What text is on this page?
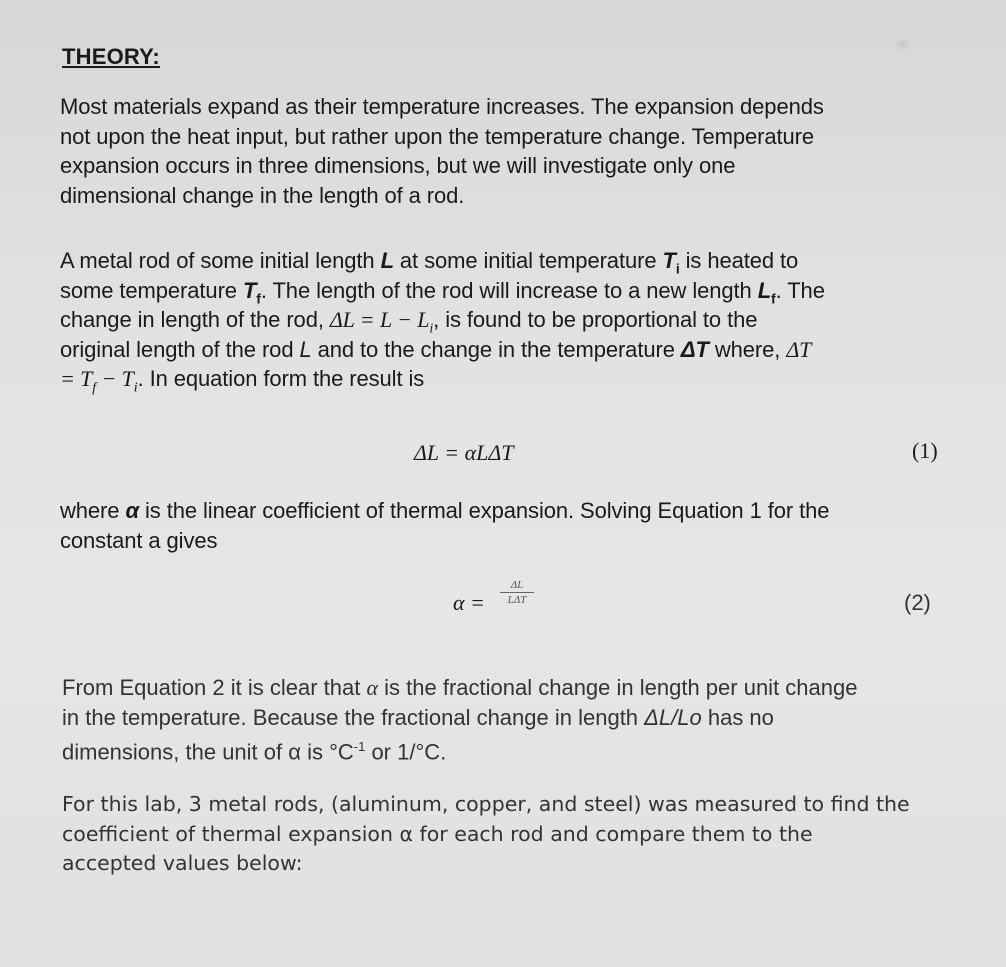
THEORY:
Most materials expand as their temperature increases. The expansion depends
not upon the heat input, but rather upon the temperature change. Temperature
expansion occurs in three dimensions, but we will investigate only one
dimensional change in the length of a rod.
A metal rod of some initial length L at some initial temperature $T_i$ is heated to
some temperature $T_f$. The length of the rod will increase to a new length $L_f$. The
change in length of the rod, $\Delta L = L - L_i$, is found to be proportional to the
original length of the rod L and to the change in the temperature ΔT where, ΔT
= $T_f - T_i$. In equation form the result is
ΔL = αLΔT	(1)
where α is the linear coefficient of thermal expansion. Solving Equation 1 for the
constant a gives
α =
ΔL
LΔT	(2)
From Equation 2 it is clear that α is the fractional change in length per unit change
in the temperature. Because the fractional change in length ΔL/Lo has no
dimensions, the unit of α is $^\circ C^{-1}$ or 1/°C.
For this lab, 3 metal rods, (aluminum, copper, and steel) was measured to find the
coefficient of thermal expansion α for each rod and compare them to the
accepted values below:
